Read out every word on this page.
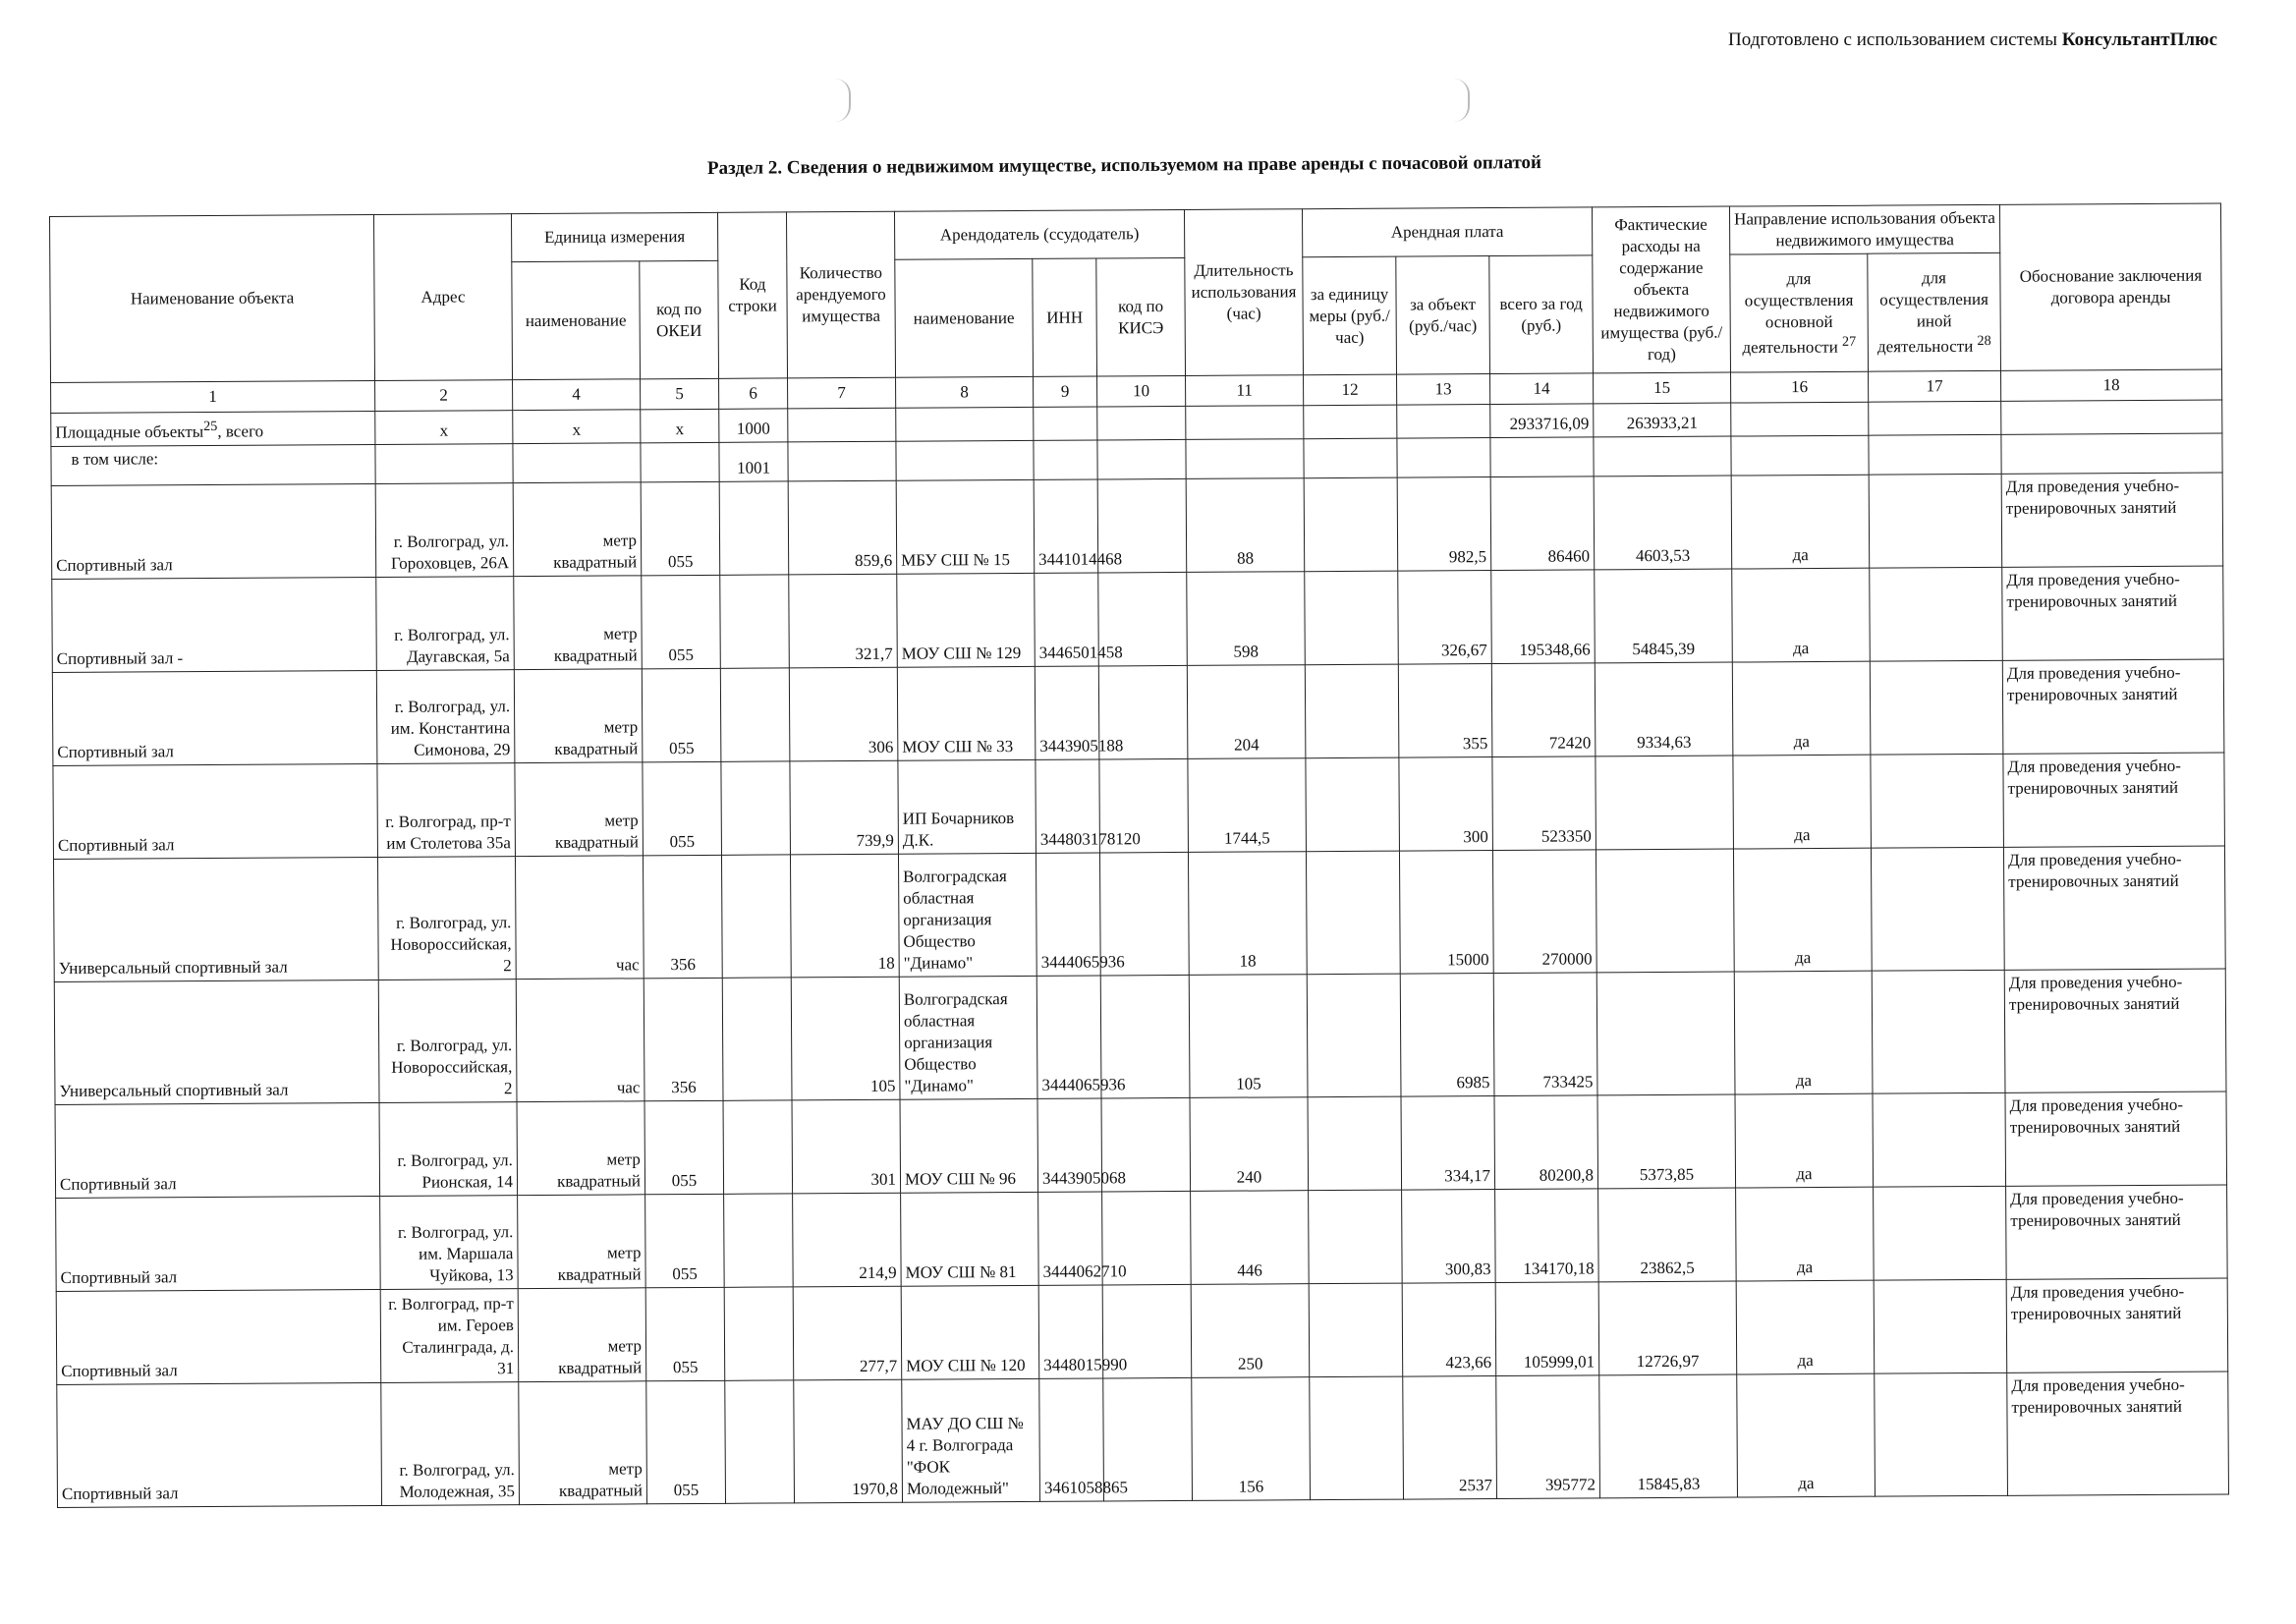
Подготовлено с использованием системы КонсультантПлюс
Раздел 2. Сведения о недвижимом имуществе, используемом на праве аренды с почасовой оплатой
Наименование объекта	Адрес	Единица измерения		Код строки	Количество арендуемого имущества	Арендодатель (ссудодатель)			Длительность использования (час)	Арендная плата			Фактические расходы на содержание объекта недвижимого имущества (руб./год)	Направление использования объекта недвижимого имущества		Обоснование заключения договора аренды
		наименование	код по ОКЕИ			наименование	ИНН	код по КИСЭ		за единицу меры (руб./час)	за объект (руб./час)	всего за год (руб.)		для осуществления основной деятельности $^{27}$	для осуществления иной деятельности $^{28}$
1	2	4	5	6	7	8	9	10	11	12	13	14	15	16	17	18
Площадные объекты$^{25}$, всего	x	x	x	1000								2933716,09	263933,21			
в том числе:				1001												
Спортивный зал	г. Волгоград, ул. Гороховцев, 26А	метр квадратный	055		859,6	МБУ СШ № 15	3441014468		88		982,5	86460	4603,53	да		Для проведения учебно-тренировочных занятий
Спортивный зал -	г. Волгоград, ул. Даугавская, 5а	метр квадратный	055		321,7	МОУ СШ № 129	3446501458		598		326,67	195348,66	54845,39	да		Для проведения учебно-тренировочных занятий
Спортивный зал	г. Волгоград, ул. им. Константина Симонова, 29	метр квадратный	055		306	МОУ СШ № 33	3443905188		204		355	72420	9334,63	да		Для проведения учебно-тренировочных занятий
Спортивный зал	г. Волгоград, пр-т им Столетова 35а	метр квадратный	055		739,9	ИП Бочарников Д.К.	344803178120		1744,5		300	523350		да		Для проведения учебно-тренировочных занятий
Универсальный спортивный зал	г. Волгоград, ул. Новороссийская, 2	час	356		18	Волгоградская областная организация Общество "Динамо"	3444065936		18		15000	270000		да		Для проведения учебно-тренировочных занятий
Универсальный спортивный зал	г. Волгоград, ул. Новороссийская, 2	час	356		105	Волгоградская областная организация Общество "Динамо"	3444065936		105		6985	733425		да		Для проведения учебно-тренировочных занятий
Спортивный зал	г. Волгоград, ул. Рионская, 14	метр квадратный	055		301	МОУ СШ № 96	3443905068		240		334,17	80200,8	5373,85	да		Для проведения учебно-тренировочных занятий
Спортивный зал	г. Волгоград, ул. им. Маршала Чуйкова, 13	метр квадратный	055		214,9	МОУ СШ № 81	3444062710		446		300,83	134170,18	23862,5	да		Для проведения учебно-тренировочных занятий
Спортивный зал	г. Волгоград, пр-т им. Героев Сталинграда, д. 31	метр квадратный	055		277,7	МОУ СШ № 120	3448015990		250		423,66	105999,01	12726,97	да		Для проведения учебно-тренировочных занятий
Спортивный зал	г. Волгоград, ул. Молодежная, 35	метр квадратный	055		1970,8	МАУ ДО СШ № 4 г. Волгограда "ФОК Молодежный"	3461058865		156		2537	395772	15845,83	да		Для проведения учебно-тренировочных занятий
